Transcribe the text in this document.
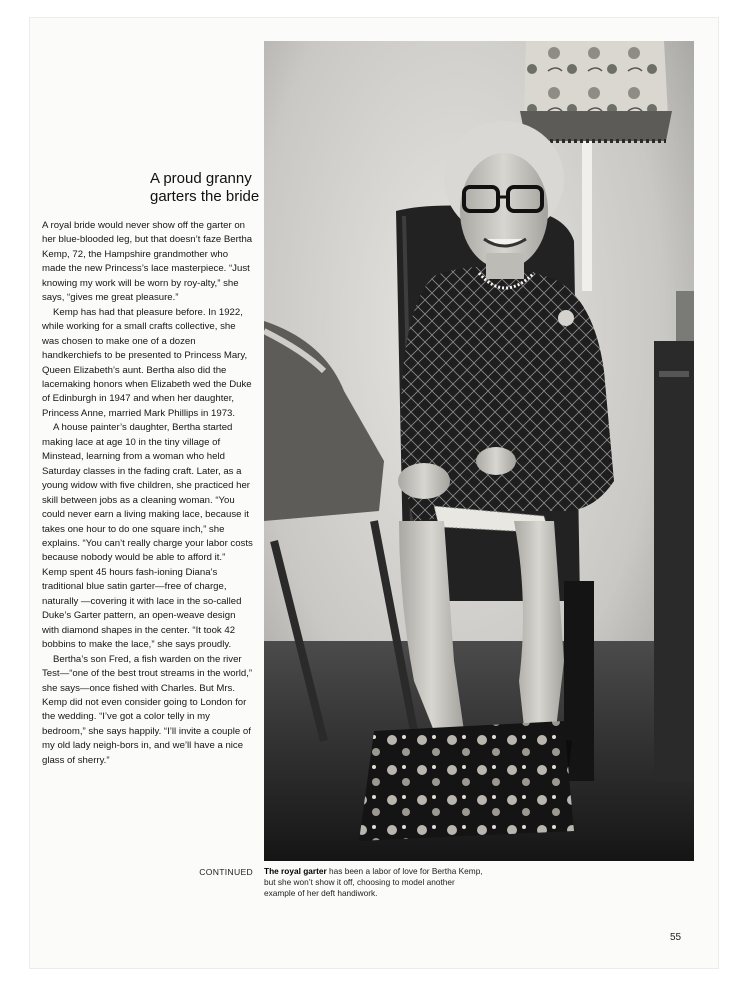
A proud granny
garters the bride

A royal bride would never show off the garter on her blue-blooded leg, but that doesn’t faze Bertha Kemp, 72, the Hampshire grandmother who made the new Princess’s lace masterpiece. “Just knowing my work will be worn by roy-alty,” she says, “gives me great pleasure.”

Kemp has had that pleasure before. In 1922, while working for a small crafts collective, she was chosen to make one of a dozen handkerchiefs to be presented to Princess Mary, Queen Elizabeth’s aunt. Bertha also did the lacemaking honors when Elizabeth wed the Duke of Edinburgh in 1947 and when her daughter, Princess Anne, married Mark Phillips in 1973.

A house painter’s daughter, Bertha started making lace at age 10 in the tiny village of Minstead, learning from a woman who held Saturday classes in the fading craft. Later, as a young widow with five children, she practiced her skill between jobs as a cleaning woman. “You could never earn a living making lace, because it takes one hour to do one square inch,” she explains. “You can’t really charge your labor costs because nobody would be able to afford it.” Kemp spent 45 hours fash-ioning Diana’s traditional blue satin garter—free of charge, naturally —covering it with lace in the so-called Duke’s Garter pattern, an open-weave design with diamond shapes in the center. “It took 42 bobbins to make the lace,” she says proudly.

Bertha’s son Fred, a fish warden on the river Test—“one of the best trout streams in the world,” she says—once fished with Charles. But Mrs. Kemp did not even consider going to London for the wedding. “I’ve got a color telly in my bedroom,” she says happily. “I’ll invite a couple of my old lady neigh-bors in, and we’ll have a nice glass of sherry.”

CONTINUED The royal garter has been a labor of love for Bertha Kemp, but she won’t show it off, choosing to model another example of her deft handiwork.

55
